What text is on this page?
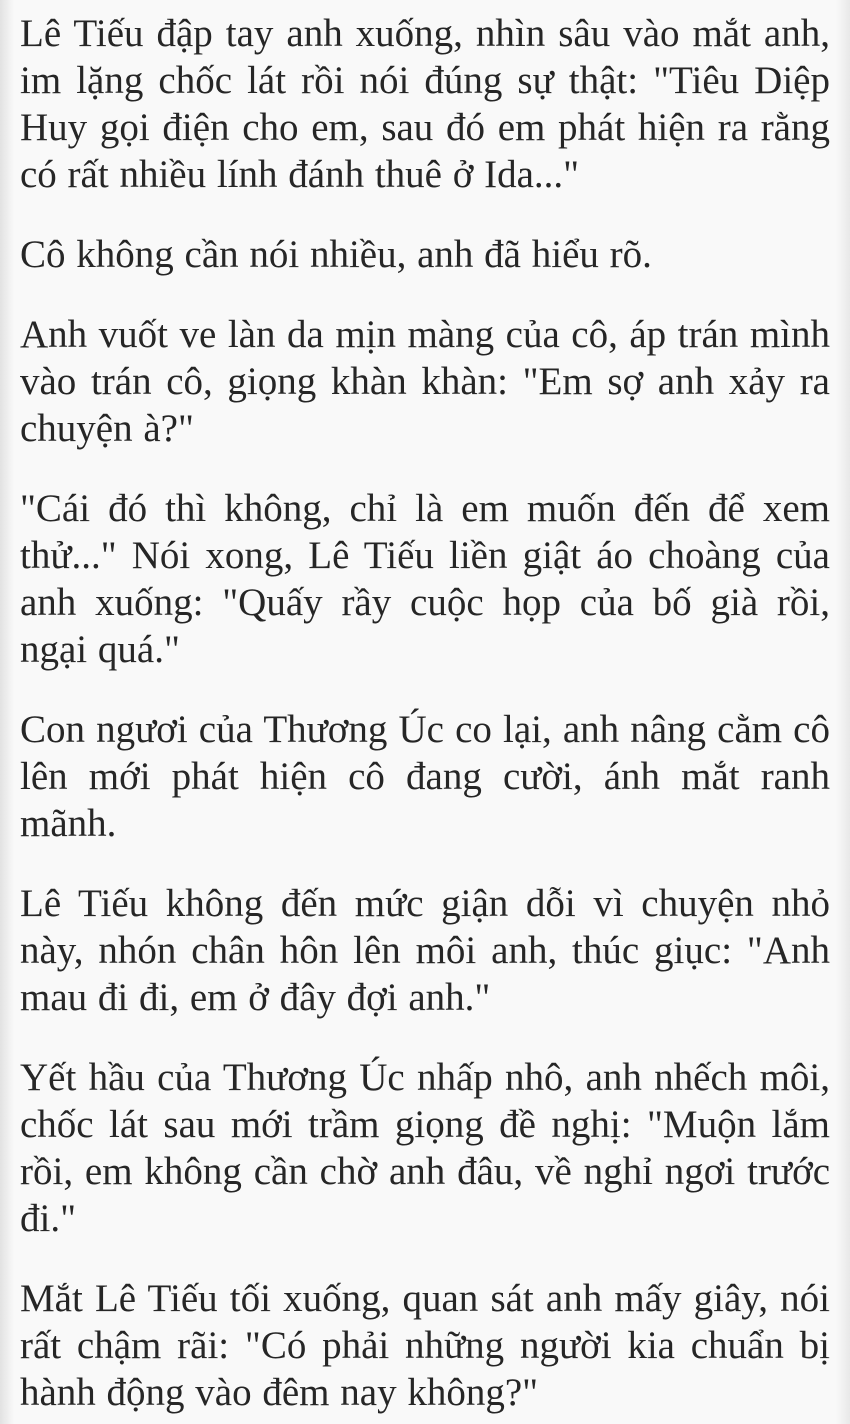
Lê Tiếu đập tay anh xuống, nhìn sâu vào mắt anh, im lặng chốc lát rồi nói đúng sự thật: "Tiêu Diệp Huy gọi điện cho em, sau đó em phát hiện ra rằng có rất nhiều lính đánh thuê ở Ida..."

Cô không cần nói nhiều, anh đã hiểu rõ.

Anh vuốt ve làn da mịn màng của cô, áp trán mình vào trán cô, giọng khàn khàn: "Em sợ anh xảy ra chuyện à?"

"Cái đó thì không, chỉ là em muốn đến để xem thử..." Nói xong, Lê Tiếu liền giật áo choàng của anh xuống: "Quấy rầy cuộc họp của bố già rồi, ngại quá."

Con ngươi của Thương Úc co lại, anh nâng cằm cô lên mới phát hiện cô đang cười, ánh mắt ranh mãnh.

Lê Tiếu không đến mức giận dỗi vì chuyện nhỏ này, nhón chân hôn lên môi anh, thúc giục: "Anh mau đi đi, em ở đây đợi anh."

Yết hầu của Thương Úc nhấp nhô, anh nhếch môi, chốc lát sau mới trầm giọng đề nghị: "Muộn lắm rồi, em không cần chờ anh đâu, về nghỉ ngơi trước đi."

Mắt Lê Tiếu tối xuống, quan sát anh mấy giây, nói rất chậm rãi: "Có phải những người kia chuẩn bị hành động vào đêm nay không?"
